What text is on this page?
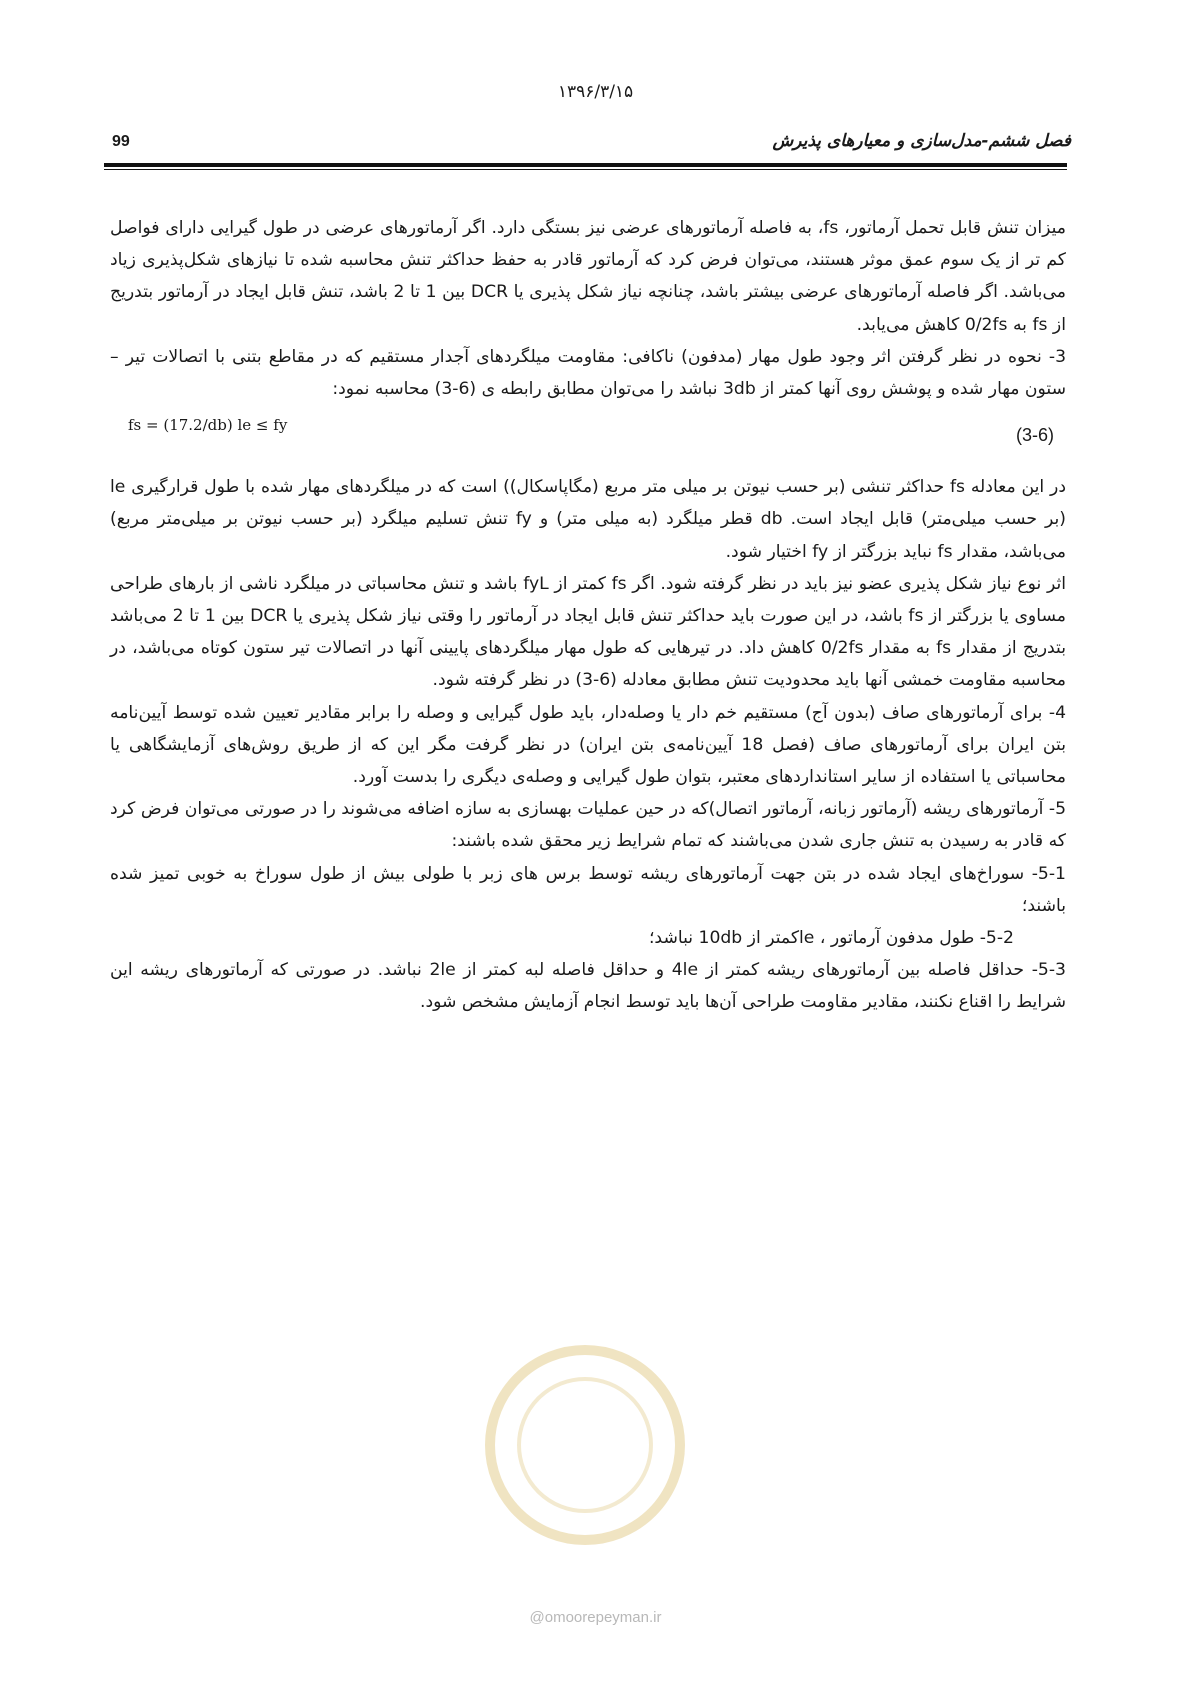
۱۳۹۶/۳/۱۵
99	فصل ششم-مدل‌سازی و معیارهای پذیرش

میزان تنش قابل تحمل آرماتور، fs، به فاصله آرماتورهای عرضی نیز بستگی دارد. اگر آرماتورهای عرضی در طول گیرایی دارای فواصل کم تر از یک سوم عمق موثر هستند، می‌توان فرض کرد که آرماتور قادر به حفظ حداکثر تنش محاسبه شده تا نیازهای شکل‌پذیری زیاد می‌باشد. اگر فاصله آرماتورهای عرضی بیشتر باشد، چنانچه نیاز شکل پذیری یا DCR بین 1 تا 2 باشد، تنش قابل ایجاد در آرماتور بتدریج از fs به 0/2fs کاهش می‌یابد.

3- نحوه در نظر گرفتن اثر وجود طول مهار (مدفون) ناکافی: مقاومت میلگردهای آجدار مستقیم که در مقاطع بتنی با اتصالات تیر – ستون مهار شده و پوشش روی آنها کمتر از 3db نباشد را می‌توان مطابق رابطه ی (6-3) محاسبه نمود:

fs = (17.2/db) le ≤ fy	(3-6)

در این معادله fs حداکثر تنشی (بر حسب نیوتن بر میلی متر مربع (مگاپاسکال)) است که در میلگردهای مهار شده با طول قرارگیری le (بر حسب میلی‌متر) قابل ایجاد است. db قطر میلگرد (به میلی متر) و fy تنش تسلیم میلگرد (بر حسب نیوتن بر میلی‌متر مربع) می‌باشد، مقدار fs نباید بزرگتر از fy اختیار شود.

اثر نوع نیاز شکل پذیری عضو نیز باید در نظر گرفته شود. اگر fs کمتر از fyL باشد و تنش محاسباتی در میلگرد ناشی از بارهای طراحی مساوی یا بزرگتر از fs باشد، در این صورت باید حداکثر تنش قابل ایجاد در آرماتور را وقتی نیاز شکل پذیری یا DCR بین 1 تا 2 می‌باشد بتدریج از مقدار fs به مقدار 0/2fs کاهش داد. در تیرهایی که طول مهار میلگردهای پایینی آنها در اتصالات تیر ستون کوتاه می‌باشد، در محاسبه مقاومت خمشی آنها باید محدودیت تنش مطابق معادله (6-3) در نظر گرفته شود.

4- برای آرماتورهای صاف (بدون آج) مستقیم خم دار یا وصله‌دار، باید طول گیرایی و وصله را برابر مقادیر تعیین شده توسط آیین‌نامه بتن ایران برای آرماتورهای صاف (فصل 18 آیین‌نامه‌ی بتن ایران) در نظر گرفت مگر این که از طریق روش‌های آزمایشگاهی یا محاسباتی یا استفاده از سایر استانداردهای معتبر، بتوان طول گیرایی و وصله‌ی دیگری را بدست آورد.

5- آرماتورهای ریشه (آرماتور زبانه، آرماتور اتصال)که در حین عملیات بهسازی به سازه اضافه می‌شوند را در صورتی می‌توان فرض کرد که قادر به رسیدن به تنش جاری شدن می‌باشند که تمام شرایط زیر محقق شده باشند:

5-1- سوراخ‌های ایجاد شده در بتن جهت آرماتورهای ریشه توسط برس های زبر با طولی بیش از طول سوراخ به خوبی تمیز شده باشند؛

5-2- طول مدفون آرماتور ، leکمتر از 10db نباشد؛

5-3- حداقل فاصله بین آرماتورهای ریشه کمتر از 4le و حداقل فاصله لبه کمتر از 2le نباشد. در صورتی که آرماتورهای ریشه این شرایط را اقناع نکنند، مقادیر مقاومت طراحی آن‌ها باید توسط انجام آزمایش مشخص شود.

@omoorepeyman.ir
